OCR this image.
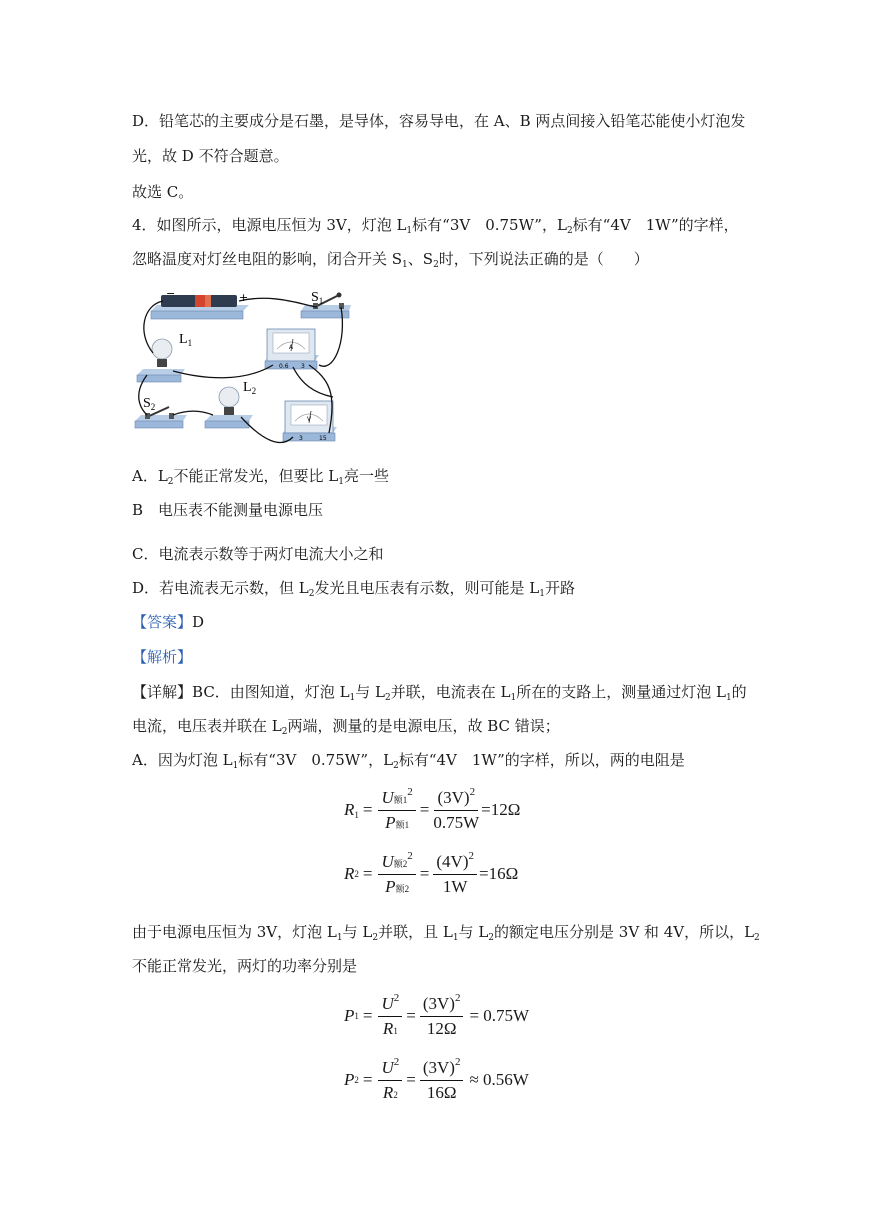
D．铅笔芯的主要成分是石墨，是导体，容易导电，在 A、B 两点间接入铅笔芯能使小灯泡发
光，故 D 不符合题意。
故选 C。
4．如图所示，电源电压恒为 3V，灯泡 $L_1$标有“3V　0.75W”，$L_2$标有“4V　1W”的字样，
忽略温度对灯丝电阻的影响，闭合开关 $S_1$、$S_2$时，下列说法正确的是（　　）
−	+	$S_1$
$L_1$	A
0.6 3
$S_2$
$L_2$
V
3	15
A．$L_2$不能正常发光，但要比 $L_1$亮一些
B　电压表不能测量电源电压
C．电流表示数等于两灯电流大小之和
D．若电流表无示数，但 $L_2$发光且电压表有示数，则可能是 $L_1$开路
【答案】D
【解析】
【详解】BC．由图知道，灯泡 $L_1$与 $L_2$并联，电流表在 $L_1$所在的支路上，测量通过灯泡 $L_1$的
电流，电压表并联在 $L_2$两端，测量的是电源电压，故 BC 错误；
A．因为灯泡 $L_1$标有“3V　0.75W”，$L_2$标有“4V　1W”的字样，所以，两的电阻是
R $1 = \frac{U额1^2}{\text{P额1}} = \frac{(3V)^2}{0.75W} =12\Omega$
R $2 = \frac{U额2^2}{\text{P额2}} = \frac{(4V)^2}{1W} =16\Omega$
由于电源电压恒为 3V，灯泡 $L_1$与 $L_2$并联，且 $L_1$与 $L_2$的额定电压分别是 3V 和 4V，所以，$L_2$
不能正常发光，两灯的功率分别是
P $1 = \frac{U^2}{R1} = \frac{(3V)^2}{12\Omega} = 0.75W$
P $2 = \frac{U^2}{R2} = \frac{(3V)^2}{16\Omega} \approx 0.56W$
